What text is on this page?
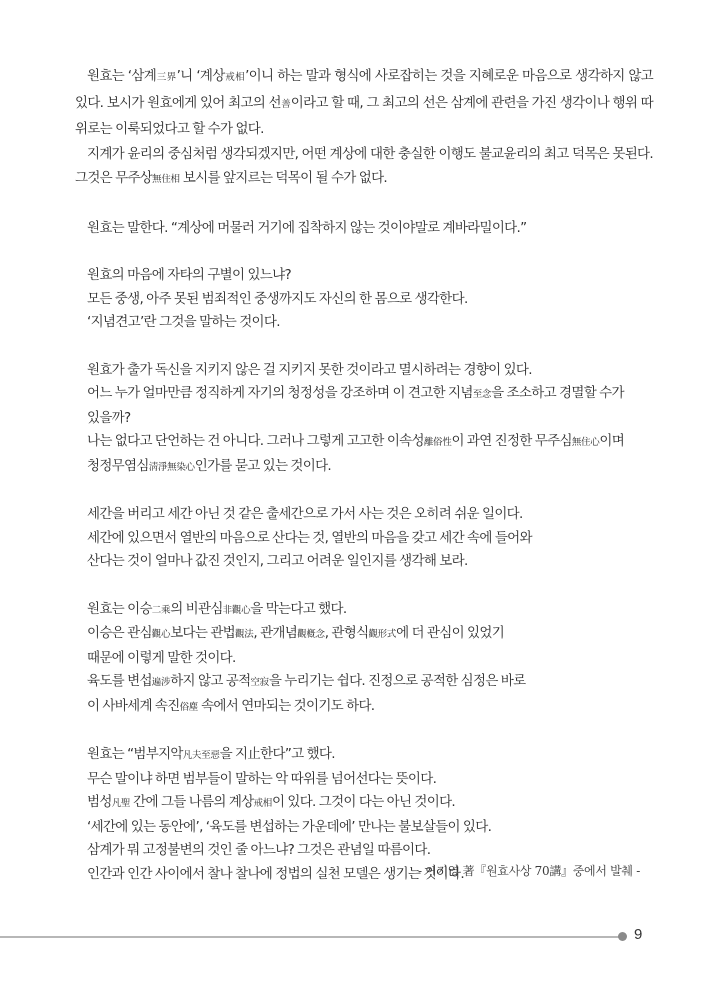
원효는 ‘삼계三界’니 ‘계상戒相’이니 하는 말과 형식에 사로잡히는 것을 지혜로운 마음으로 생각하지 않고 있다. 보시가 원효에게 있어 최고의 선善이라고 할 때, 그 최고의 선은 삼계에 관련을 가진 생각이나 행위 따위로는 이룩되었다고 할 수가 없다.

지계가 윤리의 중심처럼 생각되겠지만, 어떤 계상에 대한 충실한 이행도 불교윤리의 최고 덕목은 못된다. 그것은 무주상無住相 보시를 앞지르는 덕목이 될 수가 없다.

원효는 말한다. “계상에 머물러 거기에 집착하지 않는 것이야말로 계바라밀이다.”
원효의 마음에 자타의 구별이 있느냐?
모든 중생, 아주 못된 범죄적인 중생까지도 자신의 한 몸으로 생각한다.
‘지념견고’란 그것을 말하는 것이다.
원효가 출가 독신을 지키지 않은 걸 지키지 못한 것이라고 멸시하려는 경향이 있다.
어느 누가 얼마만큼 정직하게 자기의 청정성을 강조하며 이 견고한 지념至念을 조소하고 경멸할 수가
있을까?
나는 없다고 단언하는 건 아니다. 그러나 그렇게 고고한 이속성離俗性이 과연 진정한 무주심無住心이며
청정무염심淸淨無染心인가를 묻고 있는 것이다.
세간을 버리고 세간 아닌 것 같은 출세간으로 가서 사는 것은 오히려 쉬운 일이다.
세간에 있으면서 열반의 마음으로 산다는 것, 열반의 마음을 갖고 세간 속에 들어와
산다는 것이 얼마나 값진 것인지, 그리고 어려운 일인지를 생각해 보라.
원효는 이승二乘의 비관심非觀心을 막는다고 했다.
이승은 관심觀心보다는 관법觀法, 관개념觀槪念, 관형식觀形式에 더 관심이 있었기
때문에 이렇게 말한 것이다.
육도를 변섭遍涉하지 않고 공적空寂을 누리기는 쉽다. 진정으로 공적한 심정은 바로
이 사바세계 속진俗塵 속에서 연마되는 것이기도 하다.
원효는 “범부지악凡夫至惡을 지止한다”고 했다.
무슨 말이냐 하면 범부들이 말하는 악 따위를 넘어선다는 뜻이다.
범성凡聖 간에 그들 나름의 계상戒相이 있다. 그것이 다는 아닌 것이다.
‘세간에 있는 동안에’, ‘육도를 변섭하는 가운데에’ 만나는 불보살들이 있다.
삼계가 뭐 고정불변의 것인 줄 아느냐? 그것은 관념일 따름이다.
인간과 인간 사이에서 찰나 찰나에 정법의 실천 모델은 생기는 것이다.
- 이기영 著『원효사상 70講』중에서 발췌 -
9
